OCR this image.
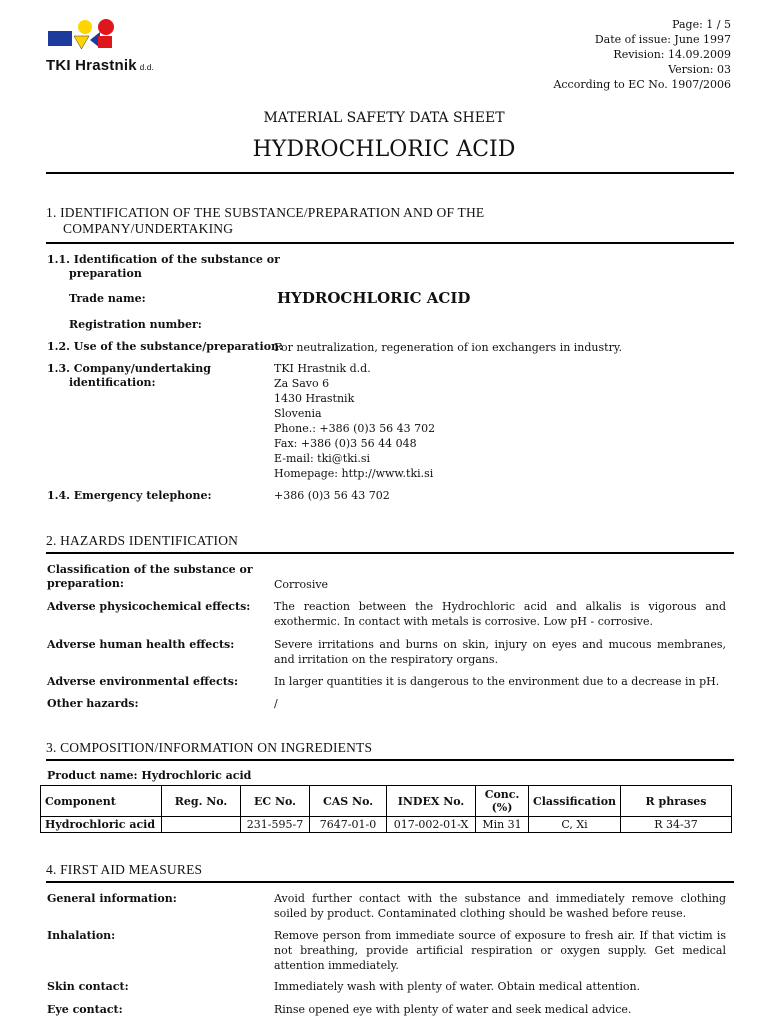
TKI Hrastnik d.d.
Page: 1 / 5
Date of issue: June 1997
Revision: 14.09.2009
Version: 03
According to EC No. 1907/2006
MATERIAL SAFETY DATA SHEET
HYDROCHLORIC ACID
1. IDENTIFICATION OF THE SUBSTANCE/PREPARATION AND OF THE
COMPANY/UNDERTAKING
1.1. Identification of the substance or
preparation
Trade name:	HYDROCHLORIC ACID
Registration number:
1.2. Use of the substance/preparation:
For neutralization, regeneration of ion exchangers in industry.
1.3. Company/undertaking
identification:
TKI Hrastnik d.d.
Za Savo 6
1430 Hrastnik
Slovenia
Phone.: +386 (0)3 56 43 702
Fax: +386 (0)3 56 44 048
E-mail: tki@tki.si
Homepage: http://www.tki.si
1.4. Emergency telephone:	+386 (0)3 56 43 702
2. HAZARDS IDENTIFICATION
Classification of the substance or
preparation:	Corrosive
Adverse physicochemical effects: The reaction between the Hydrochloric acid and alkalis is vigorous and exothermic. In contact with metals is corrosive. Low pH - corrosive.
Adverse human health effects:	Severe irritations and burns on skin, injury on eyes and mucous membranes, and irritation on the respiratory organs.
Adverse environmental effects:	In larger quantities it is dangerous to the environment due to a decrease in pH.
Other hazards:	/
3. COMPOSITION/INFORMATION ON INGREDIENTS
Product name: Hydrochloric acid
Component	Reg. No.	EC No.	CAS No.	INDEX No.	Conc. (%)	Classification	R phrases
Hydrochloric acid		231-595-7	7647-01-0	017-002-01-X	Min 31	C, Xi	R 34-37
4. FIRST AID MEASURES
General information:	Avoid further contact with the substance and immediately remove clothing soiled by product. Contaminated clothing should be washed before reuse.
Inhalation:	Remove person from immediate source of exposure to fresh air. If that victim is not breathing, provide artificial respiration or oxygen supply. Get medical attention immediately.
Skin contact:	Immediately wash with plenty of water. Obtain medical attention.
Eye contact:	Rinse opened eye with plenty of water and seek medical advice.
